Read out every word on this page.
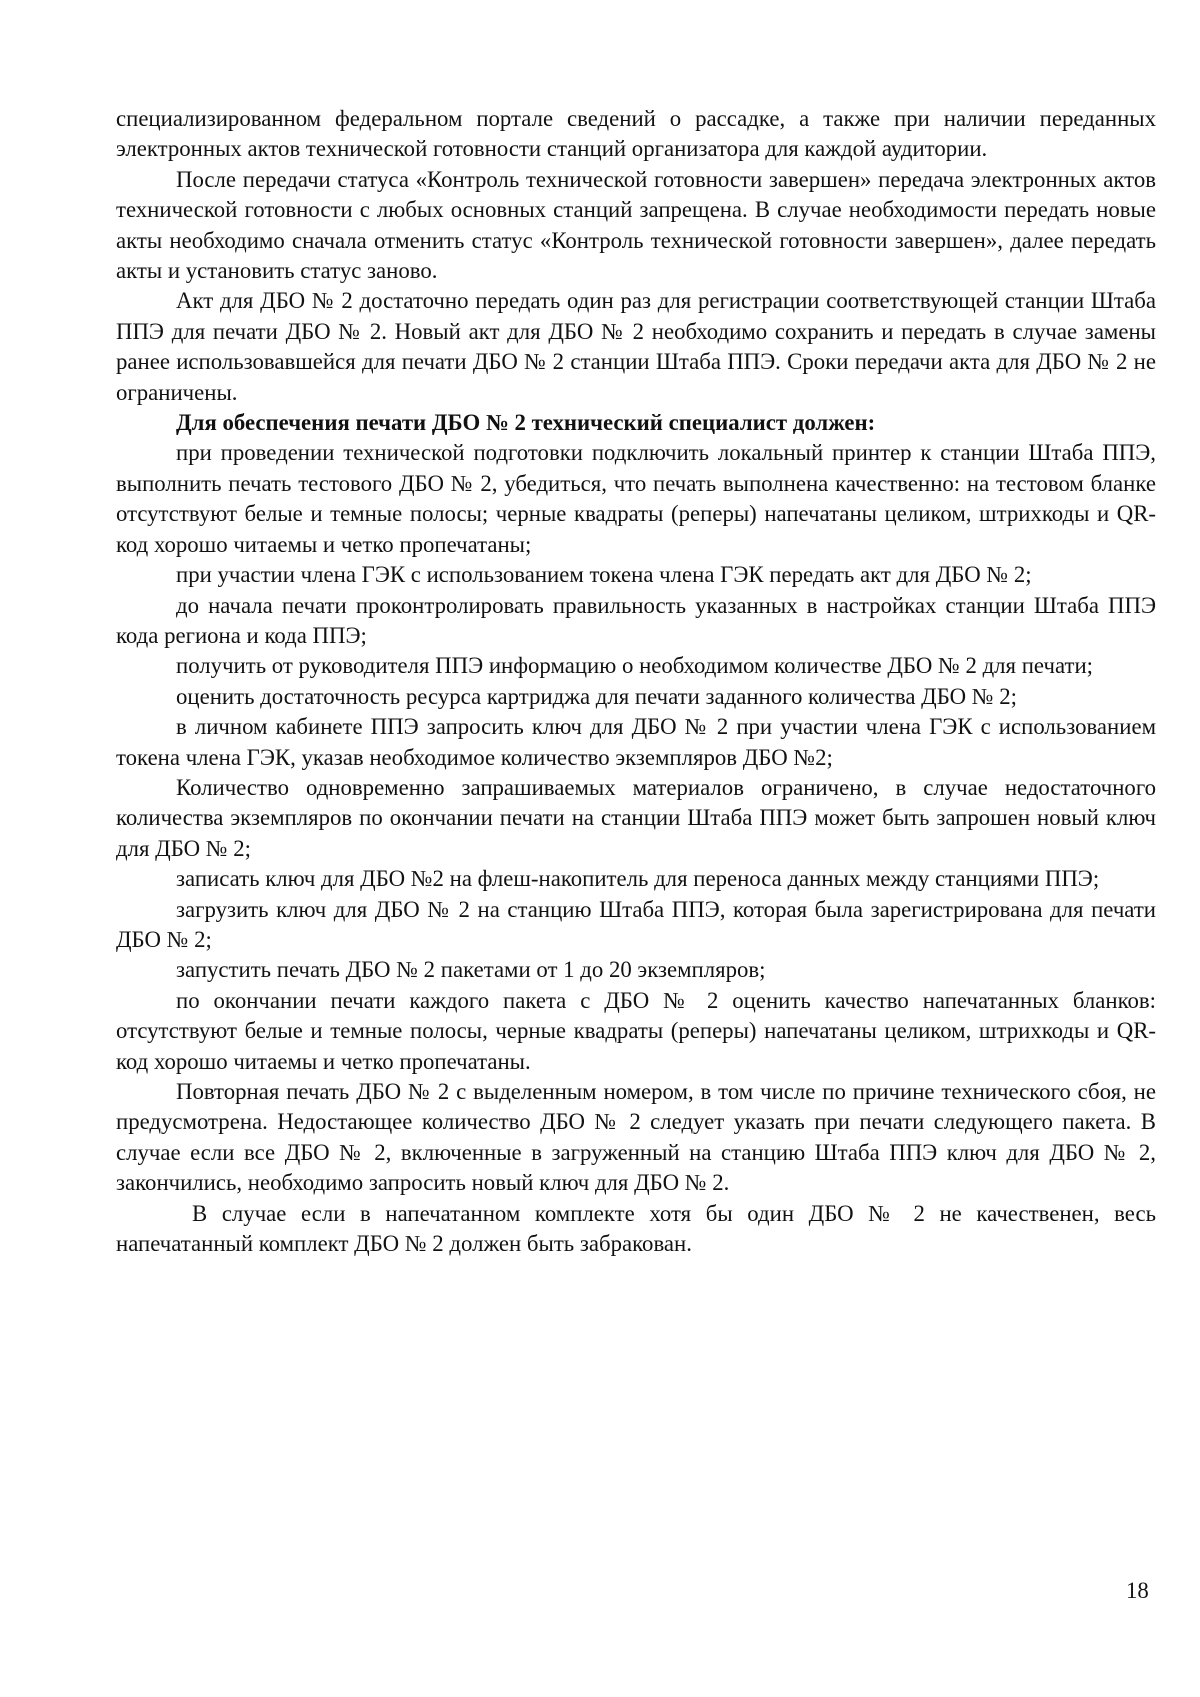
специализированном федеральном портале сведений о рассадке, а также при наличии переданных электронных актов технической готовности станций организатора для каждой аудитории.

После передачи статуса «Контроль технической готовности завершен» передача электронных актов технической готовности с любых основных станций запрещена. В случае необходимости передать новые акты необходимо сначала отменить статус «Контроль технической готовности завершен», далее передать акты и установить статус заново.

Акт для ДБО № 2 достаточно передать один раз для регистрации соответствующей станции Штаба ППЭ для печати ДБО № 2. Новый акт для ДБО № 2 необходимо сохранить и передать в случае замены ранее использовавшейся для печати ДБО № 2 станции Штаба ППЭ. Сроки передачи акта для ДБО № 2 не ограничены.

Для обеспечения печати ДБО № 2 технический специалист должен:

при проведении технической подготовки подключить локальный принтер к станции Штаба ППЭ, выполнить печать тестового ДБО № 2, убедиться, что печать выполнена качественно: на тестовом бланке отсутствуют белые и темные полосы; черные квадраты (реперы) напечатаны целиком, штрихкоды и QR-код хорошо читаемы и четко пропечатаны;

при участии члена ГЭК с использованием токена члена ГЭК передать акт для ДБО № 2;

до начала печати проконтролировать правильность указанных в настройках станции Штаба ППЭ кода региона и кода ППЭ;

получить от руководителя ППЭ информацию о необходимом количестве ДБО № 2 для печати;

оценить достаточность ресурса картриджа для печати заданного количества ДБО № 2;

в личном кабинете ППЭ запросить ключ для ДБО № 2 при участии члена ГЭК с использованием токена члена ГЭК, указав необходимое количество экземпляров ДБО №2;

Количество одновременно запрашиваемых материалов ограничено, в случае недостаточного количества экземпляров по окончании печати на станции Штаба ППЭ может быть запрошен новый ключ для ДБО № 2;

записать ключ для ДБО №2 на флеш-накопитель для переноса данных между станциями ППЭ;

загрузить ключ для ДБО № 2 на станцию Штаба ППЭ, которая была зарегистрирована для печати ДБО № 2;

запустить печать ДБО № 2 пакетами от 1 до 20 экземпляров;

по окончании печати каждого пакета с ДБО № 2 оценить качество напечатанных бланков: отсутствуют белые и темные полосы, черные квадраты (реперы) напечатаны целиком, штрихкоды и QR-код хорошо читаемы и четко пропечатаны.

Повторная печать ДБО № 2 с выделенным номером, в том числе по причине технического сбоя, не предусмотрена. Недостающее количество ДБО № 2 следует указать при печати следующего пакета. В случае если все ДБО № 2, включенные в загруженный на станцию Штаба ППЭ ключ для ДБО № 2, закончились, необходимо запросить новый ключ для ДБО № 2.

В случае если в напечатанном комплекте хотя бы один ДБО № 2 не качественен, весь напечатанный комплект ДБО № 2 должен быть забракован.

18
